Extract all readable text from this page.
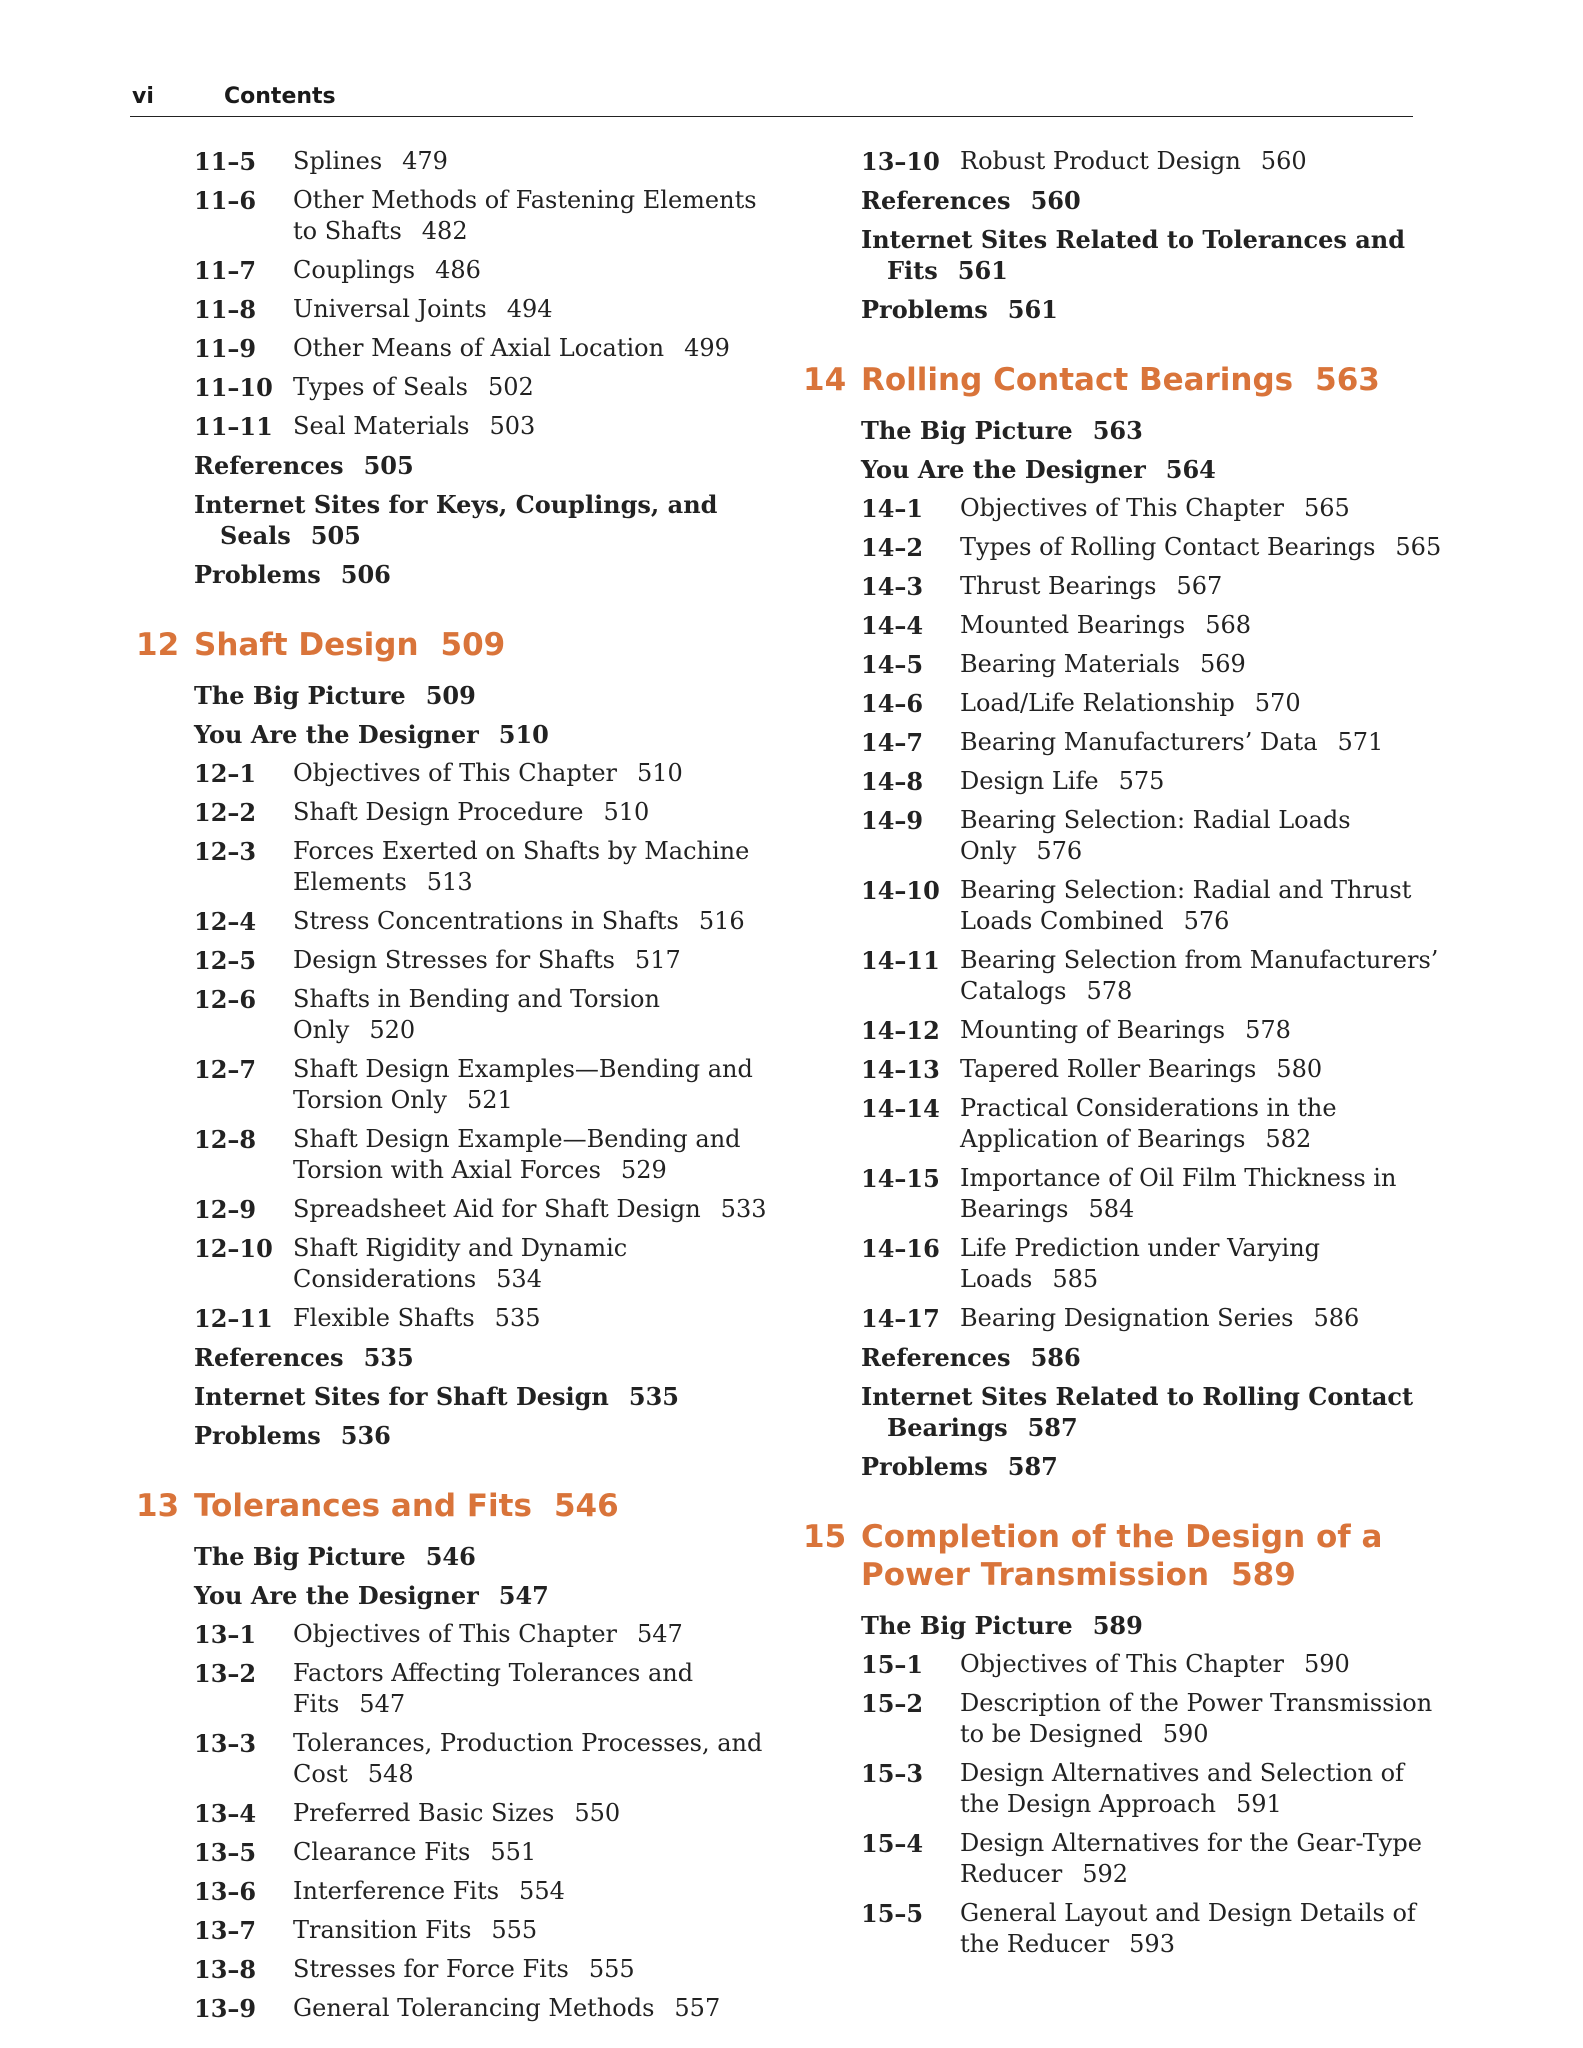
vi	Contents
11–5	Splines 479
11–6	Other Methods of Fastening Elements to Shafts 482
11–7	Couplings 486
11–8	Universal Joints 494
11–9	Other Means of Axial Location 499
11–10 Types of Seals 502
11–11 Seal Materials 503
References 505
Internet Sites for Keys, Couplings, and Seals 505
Problems 506
12 Shaft Design 509
The Big Picture 509
You Are the Designer 510
12–1	Objectives of This Chapter 510
12–2	Shaft Design Procedure 510
12–3	Forces Exerted on Shafts by Machine Elements 513
12–4	Stress Concentrations in Shafts 516
12–5	Design Stresses for Shafts 517
12–6	Shafts in Bending and Torsion Only 520
12–7	Shaft Design Examples—Bending and Torsion Only 521
12–8	Shaft Design Example—Bending and Torsion with Axial Forces 529
12–9	Spreadsheet Aid for Shaft Design 533
12–10 Shaft Rigidity and Dynamic Considerations 534
12–11 Flexible Shafts 535
References 535
Internet Sites for Shaft Design 535
Problems 536
13 Tolerances and Fits 546
The Big Picture 546
You Are the Designer 547
13–1	Objectives of This Chapter 547
13–2	Factors Affecting Tolerances and Fits 547
13–3	Tolerances, Production Processes, and Cost 548
13–4	Preferred Basic Sizes 550
13–5	Clearance Fits 551
13–6	Interference Fits 554
13–7	Transition Fits 555
13–8	Stresses for Force Fits 555
13–9	General Tolerancing Methods 557
13–10 Robust Product Design 560
References 560
Internet Sites Related to Tolerances and Fits 561
Problems 561
14 Rolling Contact Bearings 563
The Big Picture 563
You Are the Designer 564
14–1	Objectives of This Chapter 565
14–2	Types of Rolling Contact Bearings 565
14–3	Thrust Bearings 567
14–4	Mounted Bearings 568
14–5	Bearing Materials 569
14–6	Load/Life Relationship 570
14–7	Bearing Manufacturers’ Data 571
14–8	Design Life 575
14–9	Bearing Selection: Radial Loads Only 576
14–10 Bearing Selection: Radial and Thrust Loads Combined 576
14–11 Bearing Selection from Manufacturers’ Catalogs 578
14–12 Mounting of Bearings 578
14–13 Tapered Roller Bearings 580
14–14 Practical Considerations in the Application of Bearings 582
14–15 Importance of Oil Film Thickness in Bearings 584
14–16 Life Prediction under Varying Loads 585
14–17 Bearing Designation Series 586
References 586
Internet Sites Related to Rolling Contact Bearings 587
Problems 587
15 Completion of the Design of a Power Transmission 589
The Big Picture 589
15–1	Objectives of This Chapter 590
15–2	Description of the Power Transmission to be Designed 590
15–3	Design Alternatives and Selection of the Design Approach 591
15–4	Design Alternatives for the Gear-Type Reducer 592
15–5	General Layout and Design Details of the Reducer 593
